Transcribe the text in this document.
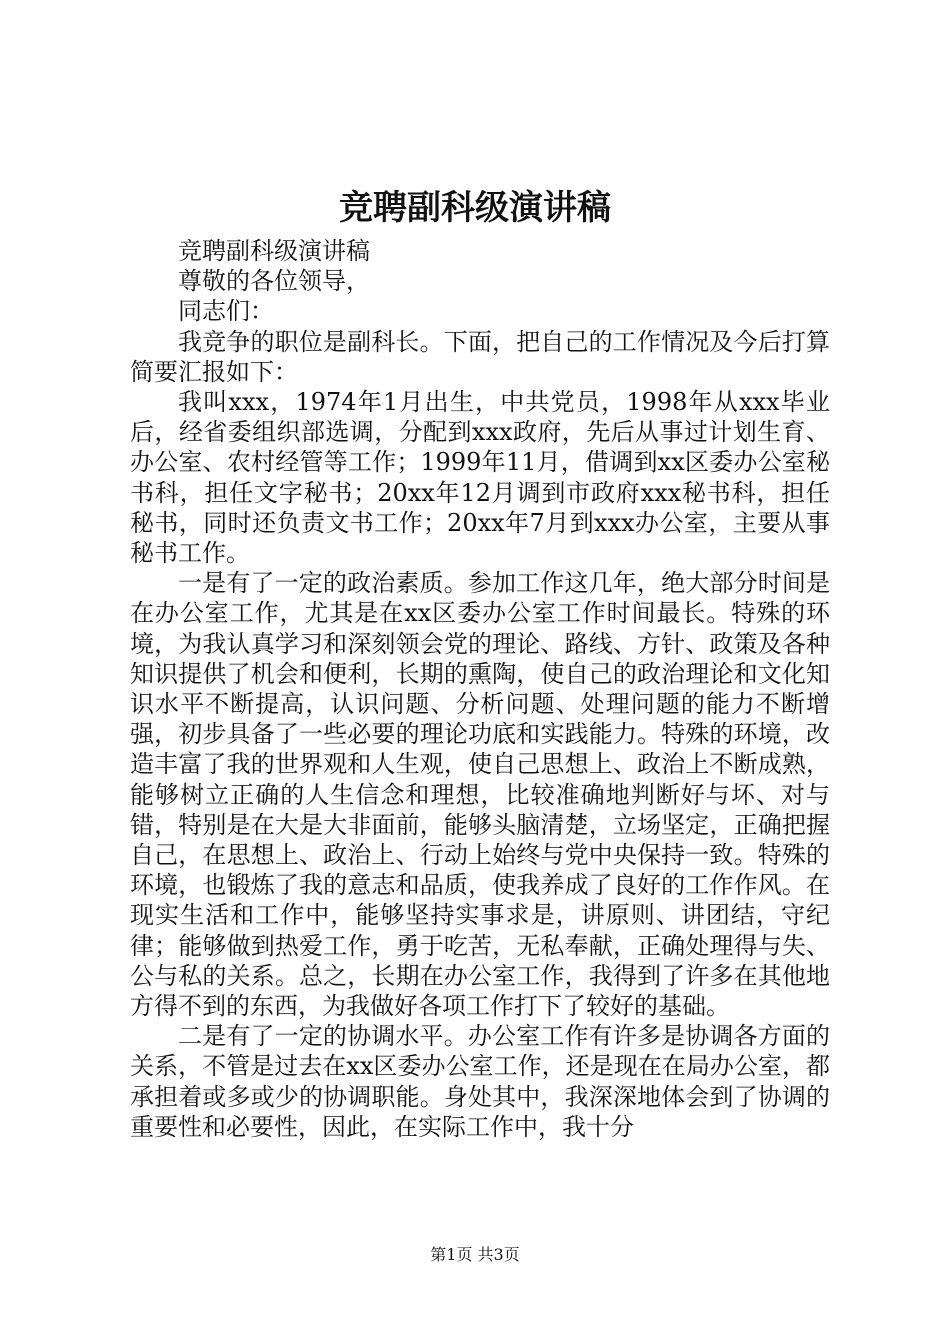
竞聘副科级演讲稿

竞聘副科级演讲稿

尊敬的各位领导，

同志们：

我竞争的职位是副科长。下面，把自己的工作情况及今后打算简要汇报如下：

我叫xxx，1974年1月出生，中共党员，1998年从xxx毕业后，经省委组织部选调，分配到xxx政府，先后从事过计划生育、办公室、农村经管等工作；1999年11月，借调到xx区委办公室秘书科，担任文字秘书；20xx年12月调到市政府xxx秘书科，担任秘书，同时还负责文书工作；20xx年7月到xxx办公室，主要从事秘书工作。

一是有了一定的政治素质。参加工作这几年，绝大部分时间是在办公室工作，尤其是在xx区委办公室工作时间最长。特殊的环境，为我认真学习和深刻领会党的理论、路线、方针、政策及各种知识提供了机会和便利，长期的熏陶，使自己的政治理论和文化知识水平不断提高，认识问题、分析问题、处理问题的能力不断增强，初步具备了一些必要的理论功底和实践能力。特殊的环境，改造丰富了我的世界观和人生观，使自己思想上、政治上不断成熟，能够树立正确的人生信念和理想，比较准确地判断好与坏、对与错，特别是在大是大非面前，能够头脑清楚，立场坚定，正确把握自己，在思想上、政治上、行动上始终与党中央保持一致。特殊的环境，也锻炼了我的意志和品质，使我养成了良好的工作作风。在现实生活和工作中，能够坚持实事求是，讲原则、讲团结，守纪律；能够做到热爱工作，勇于吃苦，无私奉献，正确处理得与失、公与私的关系。总之，长期在办公室工作，我得到了许多在其他地方得不到的东西，为我做好各项工作打下了较好的基础。

二是有了一定的协调水平。办公室工作有许多是协调各方面的关系，不管是过去在xx区委办公室工作，还是现在在局办公室，都承担着或多或少的协调职能。身处其中，我深深地体会到了协调的重要性和必要性，因此，在实际工作中，我十分

第1页 共3页
